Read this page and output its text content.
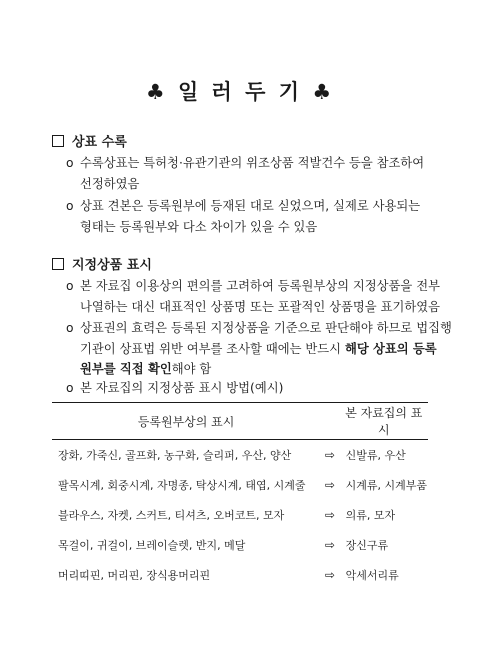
♣ 일 러 두 기 ♣
상표 수록
o 수록상표는 특허청·유관기관의 위조상품 적발건수 등을 참조하여
선정하였음
o 상표 견본은 등록원부에 등재된 대로 싣었으며, 실제로 사용되는
형태는 등록원부와 다소 차이가 있을 수 있음
지정상품 표시
o 본 자료집 이용상의 편의를 고려하여 등록원부상의 지정상품을 전부
나열하는 대신 대표적인 상품명 또는 포괄적인 상품명을 표기하였음
o 상표권의 효력은 등록된 지정상품을 기준으로 판단해야 하므로 법집행
기관이 상표법 위반 여부를 조사할 때에는 반드시 해당 상표의 등록
원부를 직접 확인해야 함
o 본 자료집의 지정상품 표시 방법(예시)
등록원부상의 표시		본 자료집의 표시
장화, 가죽신, 골프화, 농구화, 슬리퍼, 우산, 양산	⇨	신발류, 우산
팔목시계, 회중시계, 자명종, 탁상시계, 태엽, 시계줄	⇨	시계류, 시계부품
블라우스, 자켓, 스커트, 티셔츠, 오버코트, 모자	⇨	의류, 모자
목걸이, 귀걸이, 브레이슬렛, 반지, 메달	⇨	장신구류
머리띠핀, 머리핀, 장식용머리핀	⇨	악세서리류
